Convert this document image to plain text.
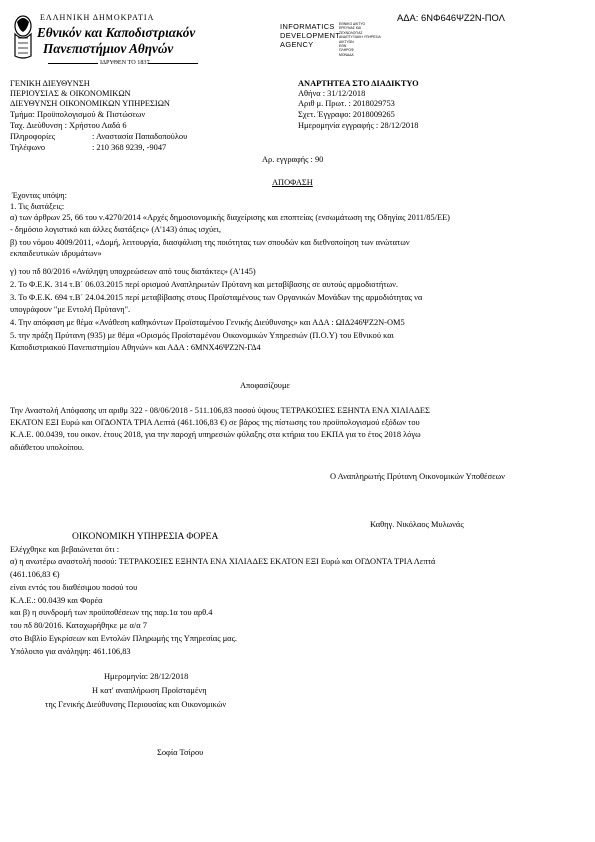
ΕΛΛΗΝΙΚΗ ΔΗΜΟΚΡΑΤΙΑ
Εθνικόν και Καποδιστριακόν
Πανεπιστήμιον Αθηνών
ΙΔΡΥΘΕΝ ΤΟ 1837
INFORMATICS
DEVELOPMENT
AGENCY
ΕΘΝΙΚΟ ΔΙΚΤΥΟ
ΕΡΕΥΝΑΣ ΚΑΙ
ΤΕΧΝΟΛΟΓΙΑΣ
ΑΝΑΠΤΥΞΙΑΚΗ ΥΠΗΡΕΣΙΑ
ΔΙΚΤΥΩΝ
ΕΘΝ
ΠΛΗΡΟΦ
ΜΟΝΑΔΑ
ΑΔΑ: 6ΝΦ646ΨΖ2Ν-ΠΟΛ
ΓΕΝΙΚΗ ΔΙΕΥΘΥΝΣΗ
ΠΕΡΙΟΥΣΙΑΣ & ΟΙΚΟΝΟΜΙΚΩΝ
ΔΙΕΥΘΥΝΣΗ ΟΙΚΟΝΟΜΙΚΩΝ ΥΠΗΡΕΣΙΩΝ
Τμήμα: Προϋπολογισμού & Πιστώσεων
Ταχ. Διεύθυνση : Χρήστου Λαδά 6
Πληροφορίες	: Αναστασία Παπαδοπούλου
Τηλέφωνο	: 210 368 9239, -9047
ΑΝΑΡΤΗΤΕΑ ΣΤΟ ΔΙΑΔΙΚΤΥΟ
Αθήνα : 31/12/2018
Αριθ μ. Πρωτ. : 2018029753
Σχετ. Έγγραφο: 2018009265
Ημερομηνία εγγραφής : 28/12/2018
Αρ. εγγραφής : 90
ΑΠΟΦΑΣΗ
Έχοντας υπόψη:
1. Τις διατάξεις:
α) των άρθρων 25, 66 του ν.4270/2014 «Αρχές δημοσιονομικής διαχείρισης και εποπτείας (ενσωμάτωση της Οδηγίας 2011/85/ΕΕ)
- δημόσιο λογιστικό και άλλες διατάξεις» (Α'143) όπως ισχύει,
β) του νόμου 4009/2011, «Δομή, λειτουργία, διασφάλιση της ποιότητας των σπουδών και διεθνοποίηση των ανώτατων
εκπαιδευτικών ιδρυμάτων»
γ) του πδ 80/2016 «Ανάληψη υποχρεώσεων από τους διατάκτες» (Α'145)
2. Το Φ.Ε.Κ. 314 τ.Β΄ 06.03.2015 περί ορισμού Αναπληρωτών Πρύτανη και μεταβίβασης σε αυτούς αρμοδιοτήτων.
3. Το Φ.Ε.Κ. 694 τ.Β΄ 24.04.2015 περί μεταβίβασης στους Προϊσταμένους των Οργανικών Μονάδων της αρμοδιότητας να
υπογράφουν "με Εντολή Πρύτανη".
4. Την απόφαση με θέμα «Ανάθεση καθηκόντων Προϊσταμένου Γενικής Διεύθυνσης» και ΑΔΑ : ΩΙΔ246ΨΖ2Ν-ΟΜ5
5. την πράξη Πρύτανη (935) με θέμα «Ορισμός Προϊσταμένου Οικονομικών Υπηρεσιών (Π.Ο.Υ) του Εθνικού και
Καποδιστριακού Πανεπιστημίου Αθηνών» και ΑΔΑ : 6ΜΝΧ46ΨΖ2Ν-ΓΔ4
Αποφασίζουμε
Την Αναστολή Απόφασης υπ αριθμ 322 - 08/06/2018 - 511.106,83 ποσού ύψους ΤΕΤΡΑΚΟΣΙΕΣ ΕΞΗΝΤΑ ΕΝΑ ΧΙΛΙΑΔΕΣ
ΕΚΑΤΟΝ ΕΞΙ Ευρώ και ΟΓΔΟΝΤΑ ΤΡΙΑ Λεπτά (461.106,83 €) σε βάρος της πίστωσης του προϋπολογισμού εξόδων του
Κ.Α.Ε. 00.0439, του οικον. έτους 2018, για την παροχή υπηρεσιών φύλαξης στα κτήρια του ΕΚΠΑ για το έτος 2018 λόγω
αδιάθετου υπολοίπου.
Ο Αναπληρωτής Πρύτανη Οικονομικών Υποθέσεων
Καθηγ. Νικόλαος Μυλωνάς
ΟΙΚΟΝΟΜΙΚΗ ΥΠΗΡΕΣΙΑ ΦΟΡΕΑ
Ελέγχθηκε και βεβαιώνεται ότι :
α) η ανωτέρω αναστολή ποσού: ΤΕΤΡΑΚΟΣΙΕΣ ΕΞΗΝΤΑ ΕΝΑ ΧΙΛΙΑΔΕΣ ΕΚΑΤΟΝ ΕΞΙ Ευρώ και ΟΓΔΟΝΤΑ ΤΡΙΑ Λεπτά
(461.106,83 €)
είναι εντός του διαθέσιμου ποσού του
Κ.Α.Ε.: 00.0439 και Φορέα
και β) η συνδρομή των προϋποθέσεων της παρ.1α του αρθ.4
του πδ 80/2016. Καταχωρήθηκε με α/α 7
στο Βιβλίο Εγκρίσεων και Εντολών Πληρωμής της Υπηρεσίας μας.
Υπόλοιπο για ανάληψη: 461.106,83
Ημερομηνία: 28/12/2018
Η κατ' αναπλήρωση Προϊσταμένη
της Γενικής Διεύθυνσης Περιουσίας και Οικονομικών
Σοφία Τσίρου
